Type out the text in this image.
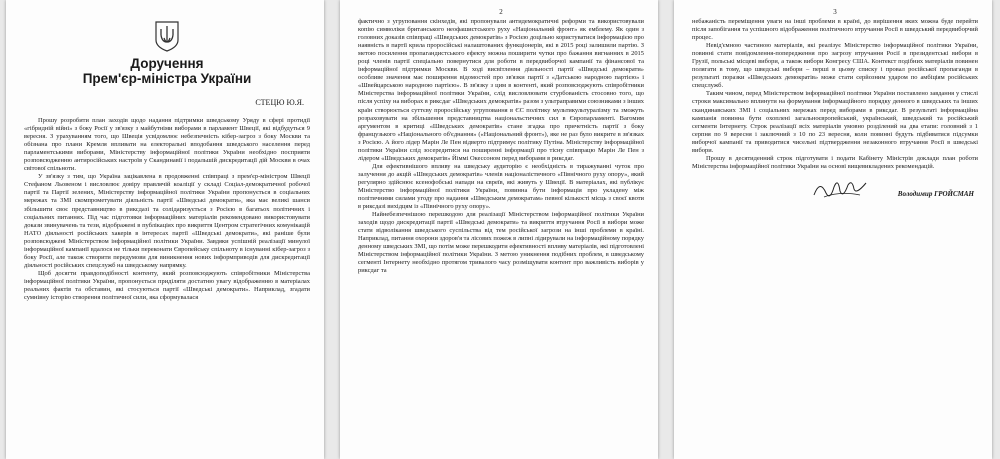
Доручення
Прем'єр-міністра України
СТЕЦЮ Ю.Я.

Прошу розробити план заходів щодо надання підтримки шведському Уряду в сфері протидії «гібридній війні» з боку Росії у зв'язку з майбутніми виборами в парламент Швеції, які відбудуться 9 вересня. З урахуванням того, що Швеція усвідомлює небезпечність кібер-загроз з боку Москви та обізнана про плани Кремля впливати на електоральні вподобання шведського населення перед парламентськими виборами, Міністерству інформаційної політики України необхідно посприяти розповсюдженню антиросійських настроїв у Скандинавії і подальшій дискредитації дій Москви в очах світової спільноти.

У зв'язку з тим, що Україна зацікавлена в продовженні співпраці з прем'єр-міністром Швеції Стефаном Льовеном і висловлює довіру правлячій коаліції у складі Соціал-демократичної робочої партії та Партії зелених, Міністерству інформаційної політики України пропонується в соціальних мережах та ЗМІ скомпрометувати діяльність партії «Шведські демократи», яка має великі шанси збільшити своє представництво в риксдазі та солідаризується з Росією в багатьох політичних і соціальних питаннях. Під час підготовки інформаційних матеріалів рекомендовано використовувати докази звинувачень та тези, відображені в публікаціях про викриття Центром стратегічних комунікацій НАТО діяльності російських хакерів в інтересах партії «Шведські демократи», які раніше були розповсюджені Міністерством інформаційної політики України. Завдяки успішній реалізації минулої інформаційної кампанії вдалося не тільки переконати Європейську спільноту в існуванні кібер-загроз з боку Росії, але також створити передумови для виникнення нових інформприводів для дискредитації діяльності російських спецслужб на шведському напрямку.

Щоб досягти правдоподібності контенту, який розповсюджують співробітники Міністерства інформаційної політики України, пропонується приділяти достатню увагу відображенню в матеріалах реальних фактів та обставин, які стосуються партії «Шведські демократи». Наприклад, згадати сумнівну історію створення політичної сили, яка сформувалася

2

фактично з угруповання скінхедів, які пропонували антидемократичні реформи та використовували копію символіки британського неофашистського руху «Національний фронт» як емблему. Як один з головних доказів співпраці «Шведських демократів» з Росією доцільно користуватися інформацією про наявність в партії крила проросійські налаштованих функціонерів, які в 2015 році залишили партію. З метою посилення пропагандистського ефекту можна поширити чутки про бажання вигнанних в 2015 році членів партії спеціально повернутися для роботи в передвиборчої кампанії та фінансової та інформаційної підтримки Москви. В ході висвітлення діяльності партії «Шведські демократи» особливе значення має поширення відомостей про зв'язки партії з «Датською народною партією» і «Швейцарською народною партією». В зв'язку з цим в контенті, який розповсюджують співробітники Міністерства інформаційної політики України, слід висловлювати стурбованість стосовно того, що після успіху на виборах в риксдаг «Шведських демократів» разом з ультраправими союзниками з інших країн створюється суттєву проросійську угруповання в ЄС політику мультикультуралізму та зможуть розраховувати на збільшення представництва національстичних сил в Європарламенті. Вагомим аргументом в критиці «Шведських демократів» стане згадка про причетність партії з боку французького «Національного об'єднання» («Національний фронт»), яке не раз було викрите в зв'язках з Росією. А його лідер Марін Ле Пен відверто підтримує політику Путіна. Міністерству інформаційної політики України слід зосередитися на поширенні інформації про тісну співпрацю Марін Ле Пен з лідером «Шведських демократів» Йіммі Окессоном перед виборами в риксдаг.

Для ефективнішого впливу на шведську аудиторію є необхідність в тиражуванні чуток про залучення до акцій «Шведських демократів» членів націоналістичного «Північного руху опору», який регулярно здійснює ксенофобські напади на євреїв, які живуть у Швеції. В матеріалах, які публікує Міністерство інформаційної політики України, повинна бути інформація про укладену між політичними силами угоду про надання «Шведським демократам» певної кількості місць з своєї квоти в риксдазі вихідцям із «Північного руху опору».

Найнебезпечнішою перешкодою для реалізації Міністерством інформаційної політики України заходів щодо дискредитації партії «Шведські демократи» та викриття втручання Росії в вибори може стати відволікання шведського суспільства від тем російської загрози на інші проблеми в країні. Наприклад, питання охорони здоров'я та лісових пожеж в липні лідирували на інформаційному порядку денному шведських ЗМІ, що потім може перешкодити ефективності впливу матеріалів, які підготовлені Міністерством інформаційної політики України. З метою уникнення подібних проблем, в шведському сегменті Інтернету необхідно протягом тривалого часу розміщувати контент про важливість виборів у риксдаг та

3

небажаність переміщення уваги на інші проблеми в країні, до вирішення яких можна буде перейти після запобігання та успішного відображення політичного втручання Росії в шведський передвиборчий процес.

Невід'ємною частиною матеріалів, які реалізує Міністерство інформаційної політики України, повинні стати повідомлення-попередження про загрозу втручання Росії в президентські вибори в Грузії, польські місцеві вибори, а також вибори Конгресу США. Контекст подібних матеріалів повинен полягати в тому, що шведські вибори – перші в цьому списку і провал російської пропаганди в результаті поразки «Шведських демократів» може стати серйозним ударом по амбіціям російських спецслужб.

Таким чином, перед Міністерством інформаційної політики України поставлено завдання у стислі строки максимально вплинути на формування інформаційного порядку денного в шведських та інших скандинавських ЗМІ і соціальних мережах перед виборами в риксдаг. В результаті інформаційна кампанія повинна бути охоплені загальноєвропейський, український, шведський та російський сегменти Інтернету. Строк реалізації всіх матеріалів умовно розділений на два етапи: головний з 1 серпня по 9 вересня і заключний з 10 по 23 вересня, коли повинні будуть підбиватися підсумки виборчої кампанії та приводитися чисельні підтвердження незаконного втручання Росії в шведські вибори.

Прошу в десятиденний строк підготувати і подати Кабінету Міністрів доклади план роботи Міністерства інформаційної політики України на основі вищевикладених рекомендацій.

Володимир ГРОЙСМАН
